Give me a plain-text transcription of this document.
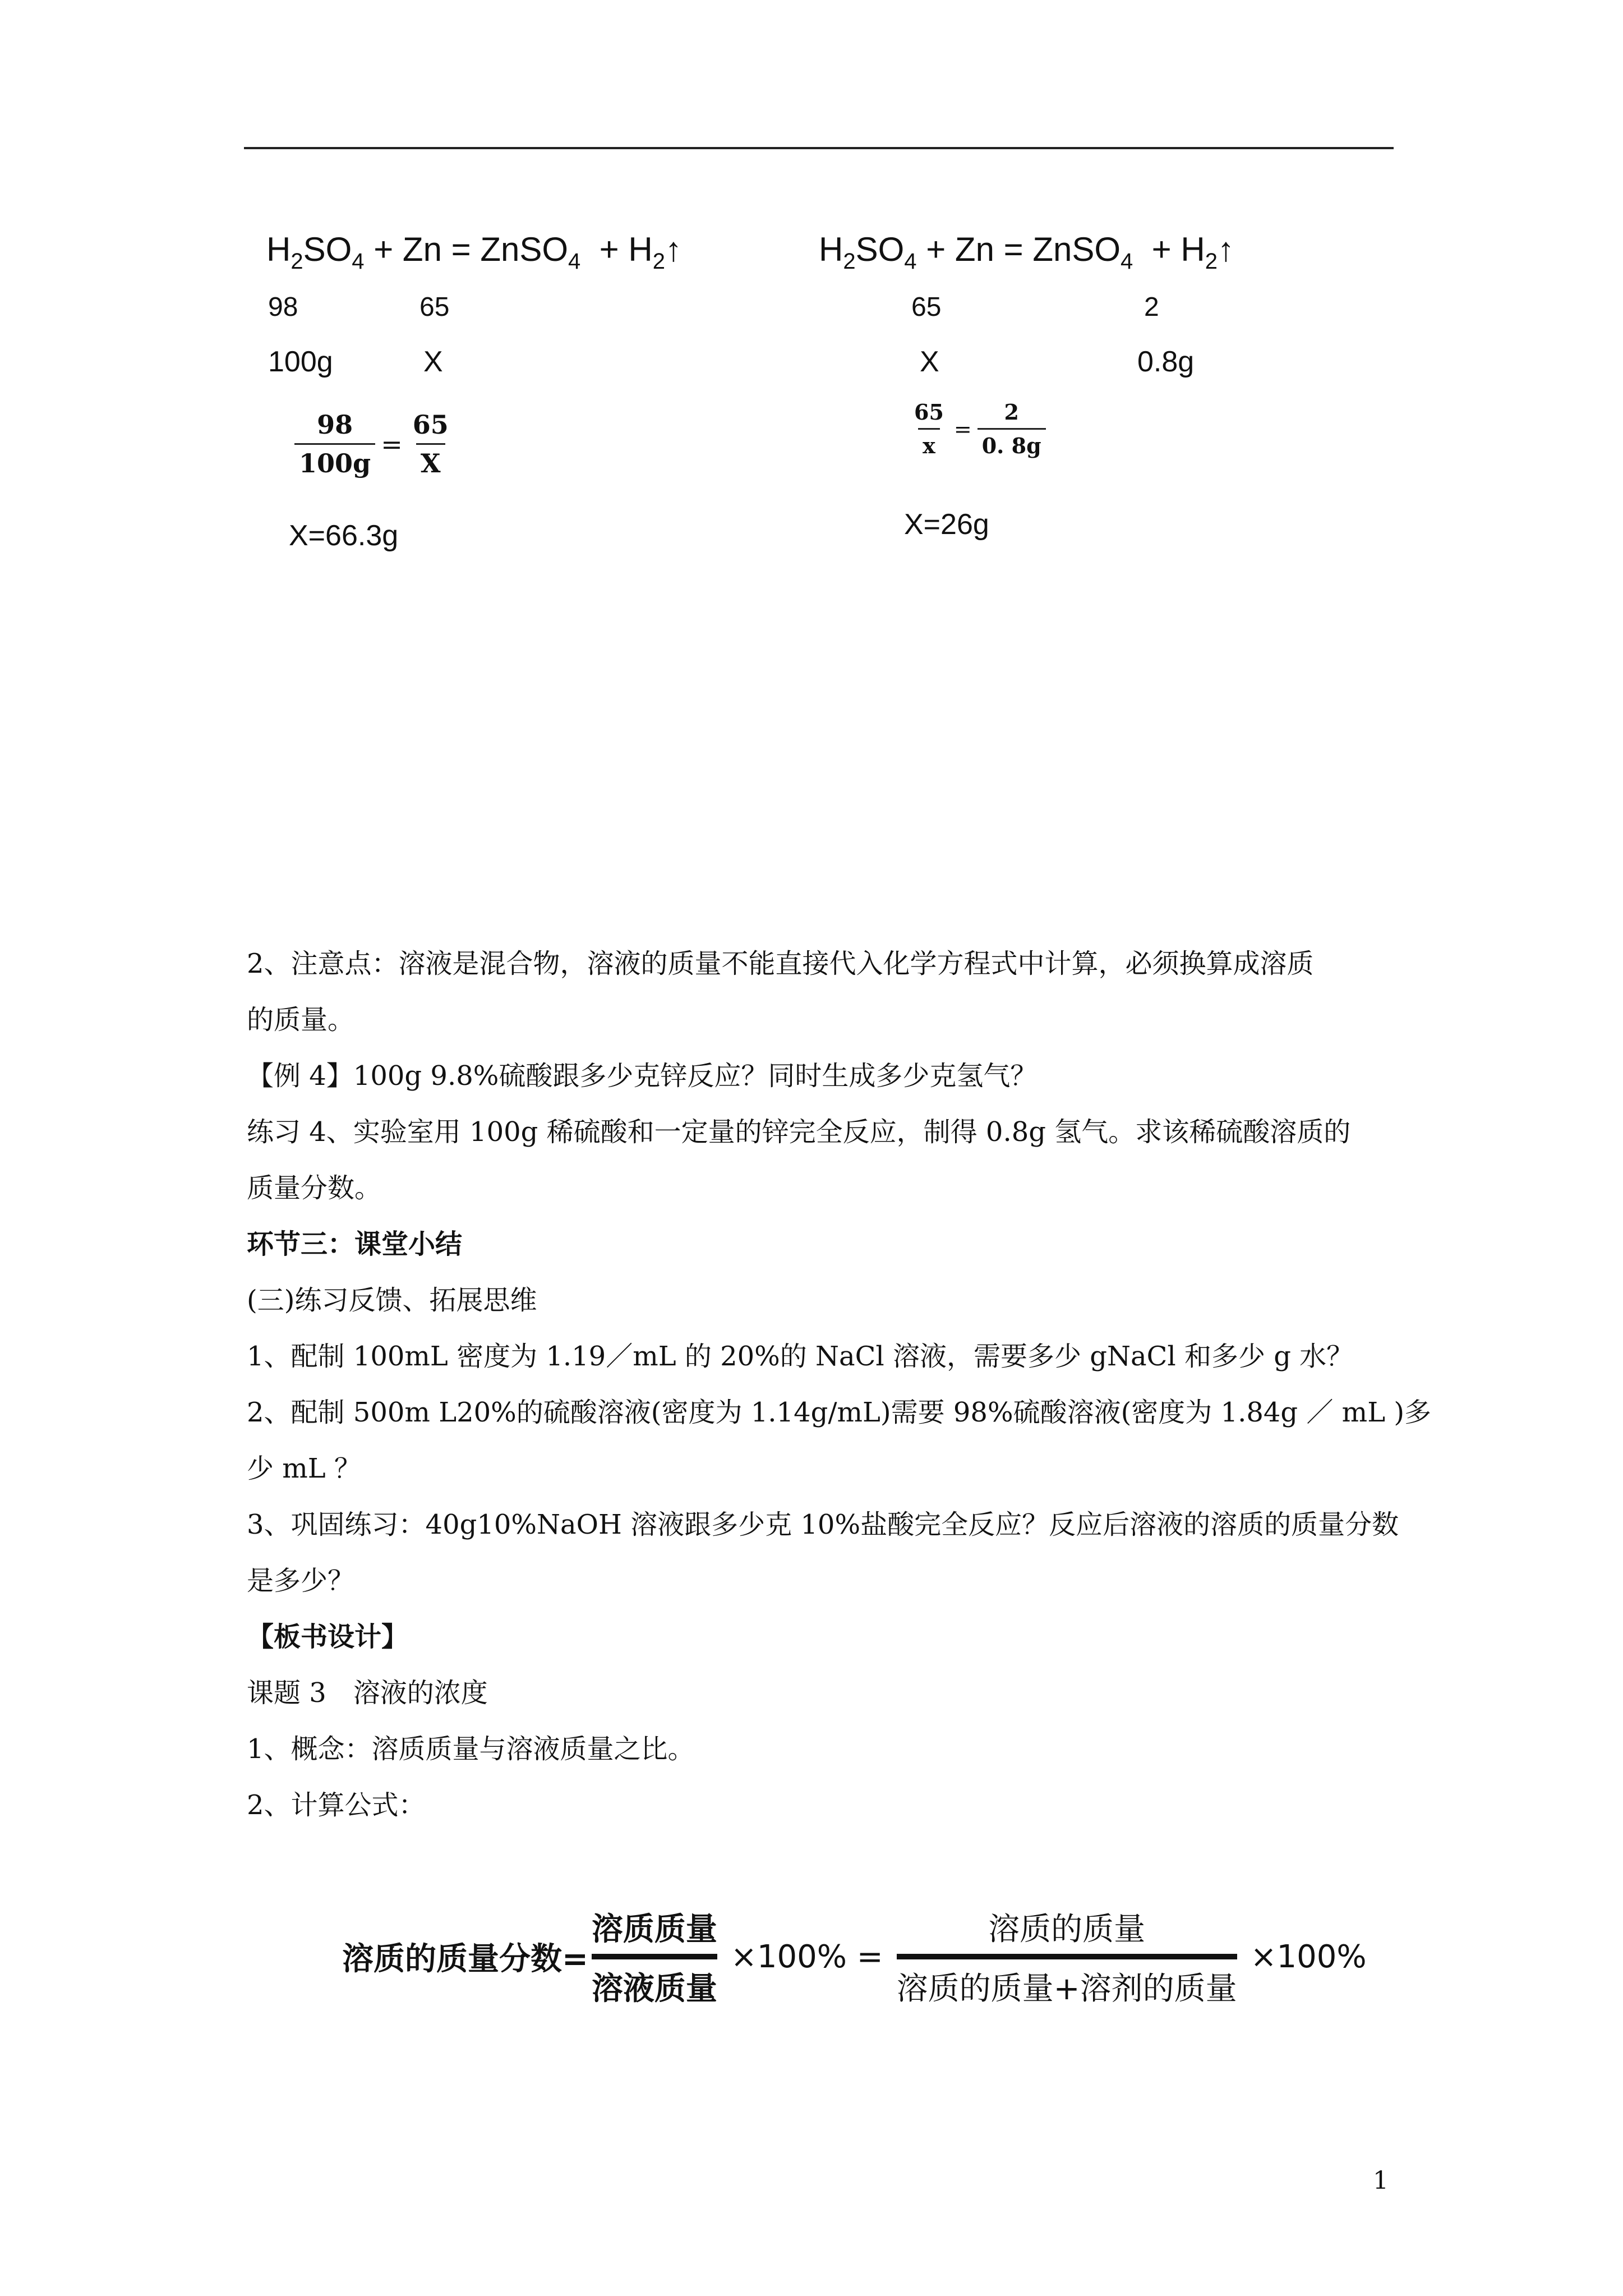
$H_2SO_4 + Zn$ = ZnSO$_4$  + $H_2↑$
98	65
100g	X
$\frac{98}{100g} = \frac{65}{X}$
X=66.3g
$H_2SO_4 + Zn$ = ZnSO$_4$  + $H_2↑$
65	2
X	0.8g
$\frac{65}{x} = \frac{2}{0. 8g}$
X=26g
2、注意点：溶液是混合物，溶液的质量不能直接代入化学方程式中计算，必须换算成溶质
的质量。
【例 4】100g 9.8%硫酸跟多少克锌反应？同时生成多少克氢气？
练习 4、实验室用 100g 稀硫酸和一定量的锌完全反应，制得 0.8g 氢气。求该稀硫酸溶质的
质量分数。
环节三：课堂小结
(三)练习反馈、拓展思维
1、配制 100mL 密度为 1.19／mL 的 20%的 NaCl 溶液，需要多少 gNaCl 和多少 g 水？
2、配制 500m L20%的硫酸溶液(密度为 1.14g/mL)需要 98%硫酸溶液(密度为 1.84g ／ mL )多
少 mL ？
3、巩固练习：40g10%NaOH 溶液跟多少克 10%盐酸完全反应？反应后溶液的溶质的质量分数
是多少？
【板书设计】
课题 3　溶液的浓度
1、概念：溶质质量与溶液质量之比。
2、计算公式：
溶质的质量分数=
溶质质量
溶液质量
×100% =
溶质的质量
溶质的质量+溶剂的质量
×100%
1
